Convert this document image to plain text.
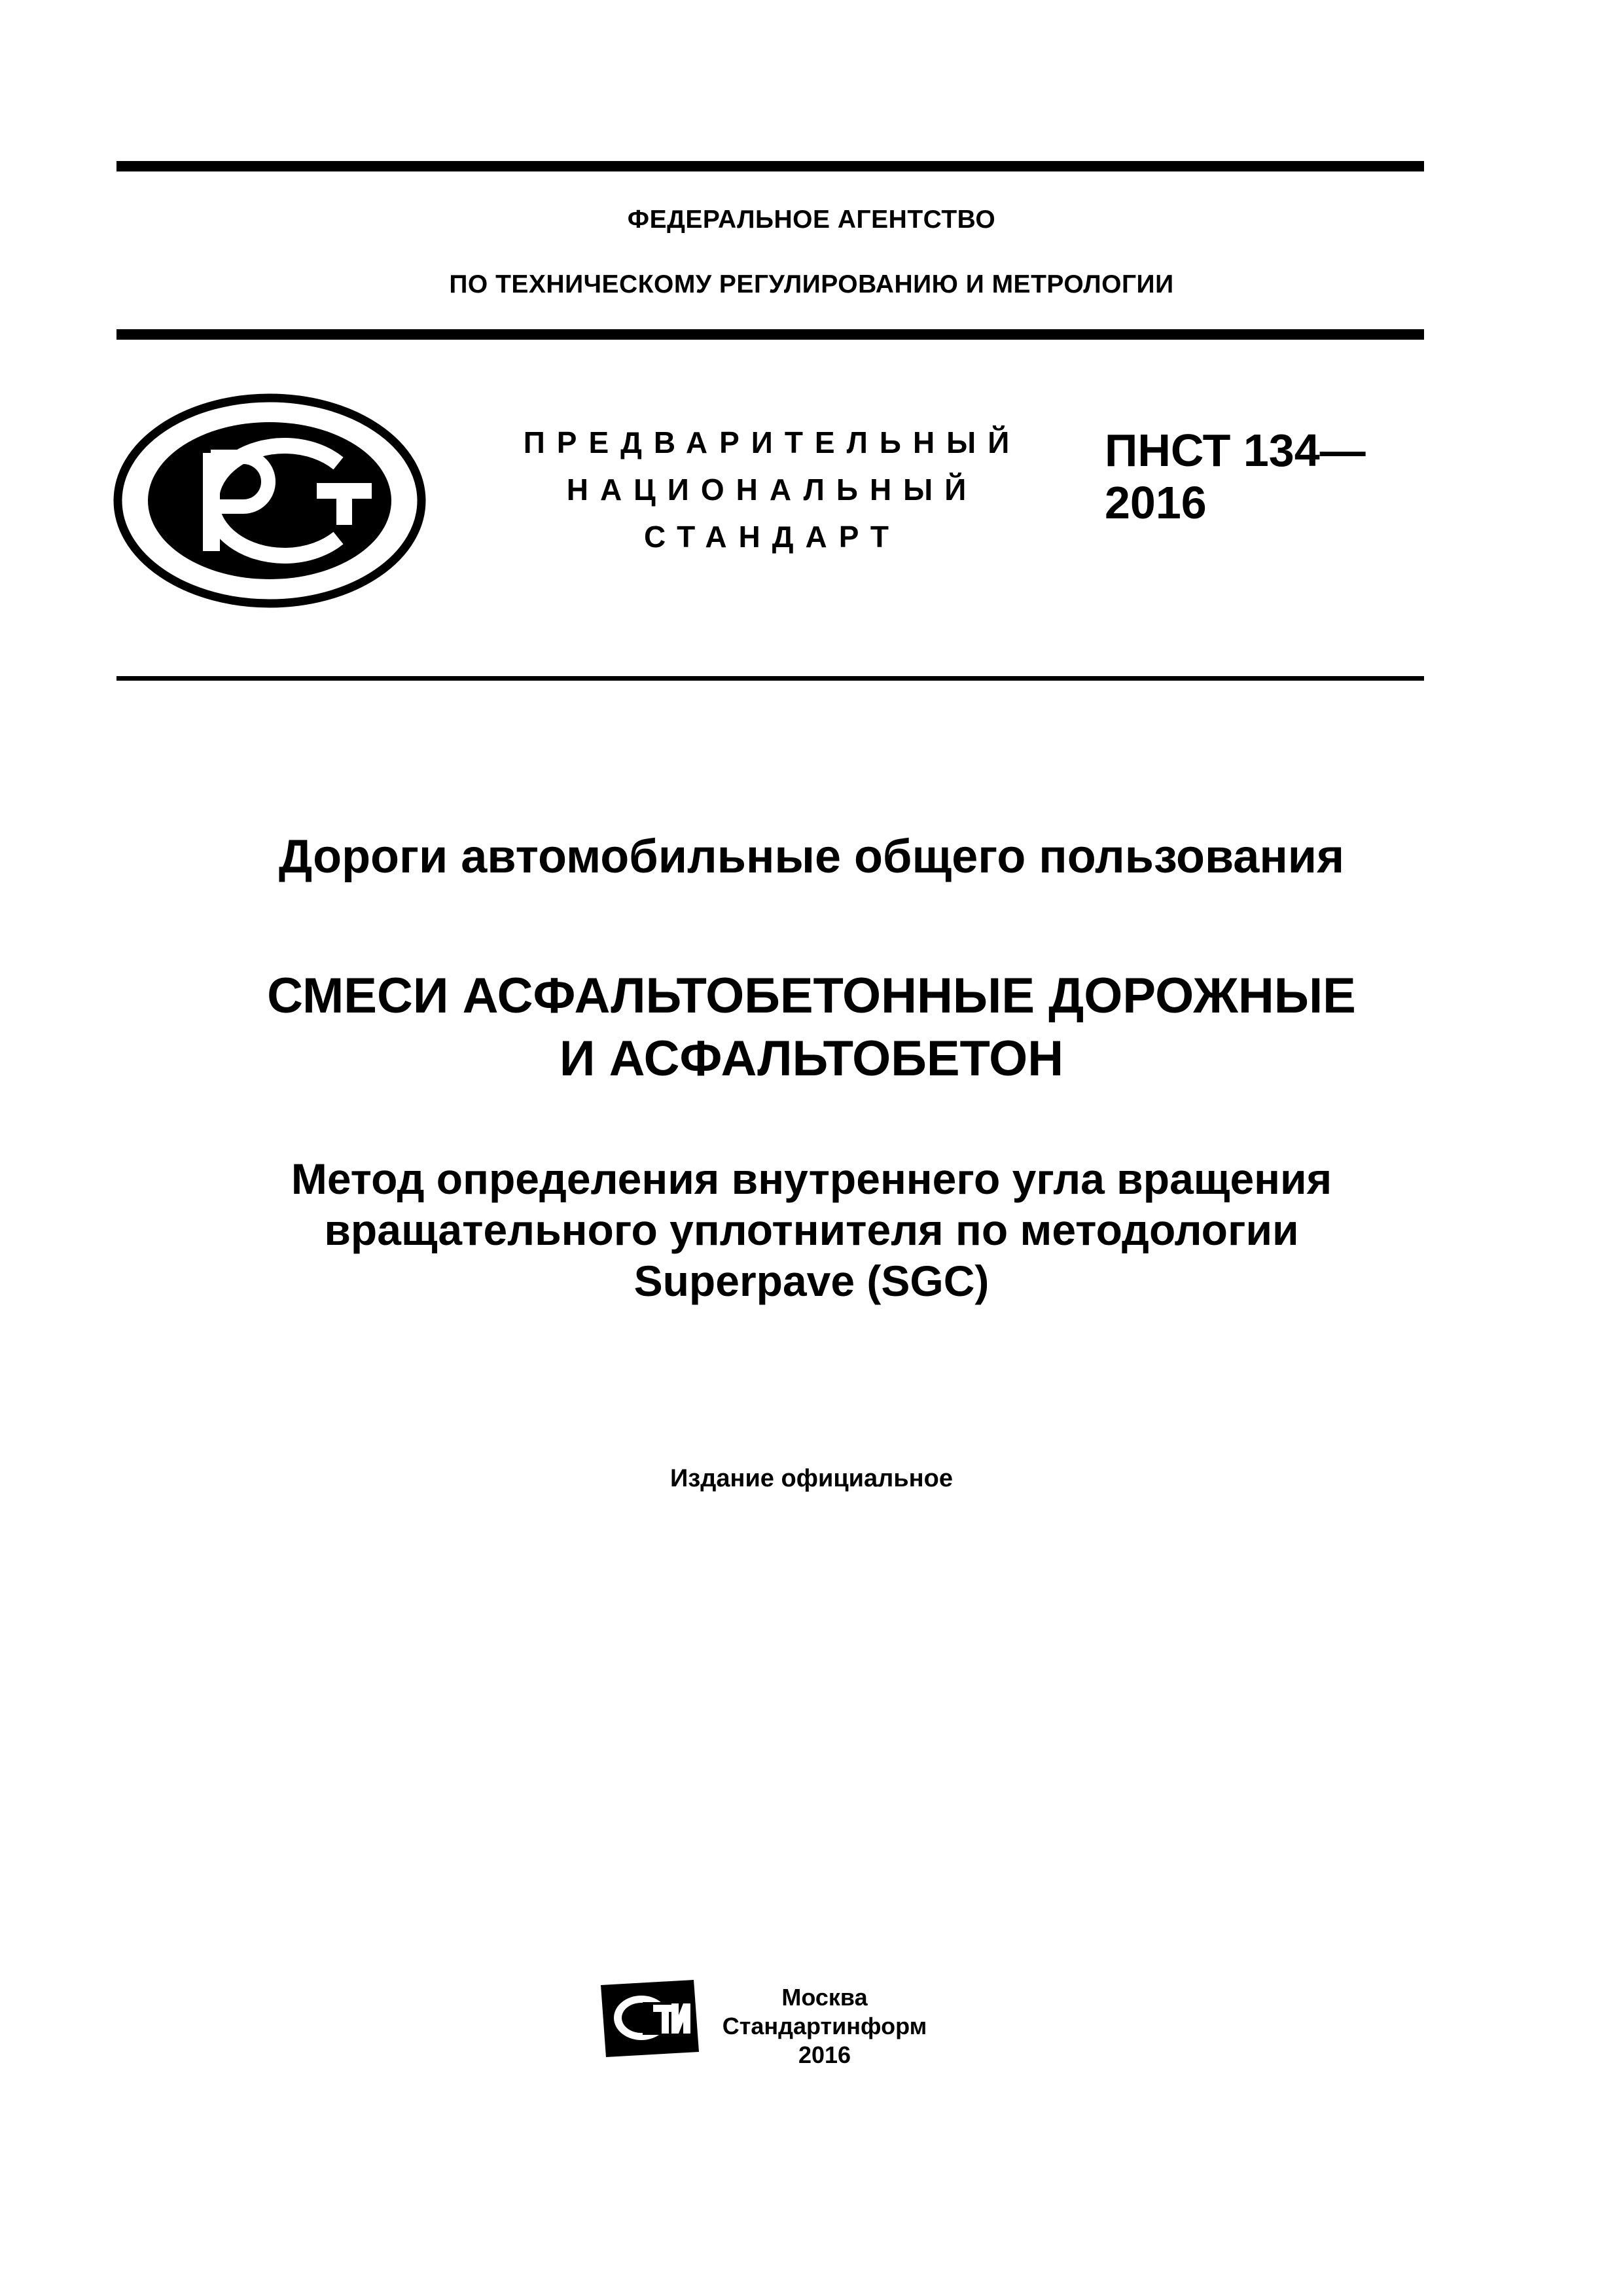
ФЕДЕРАЛЬНОЕ АГЕНТСТВО
ПО ТЕХНИЧЕСКОМУ РЕГУЛИРОВАНИЮ И МЕТРОЛОГИИ
ПРЕДВАРИТЕЛЬНЫЙ
НАЦИОНАЛЬНЫЙ
СТАНДАРТ
ПНСТ 134—
2016
Дороги автомобильные общего пользования
СМЕСИ АСФАЛЬТОБЕТОННЫЕ ДОРОЖНЫЕ
И АСФАЛЬТОБЕТОН
Метод определения внутреннего угла вращения
вращательного уплотнителя по методологии
Superpave (SGC)
Издание официальное
Москва
Стандартинформ
2016
